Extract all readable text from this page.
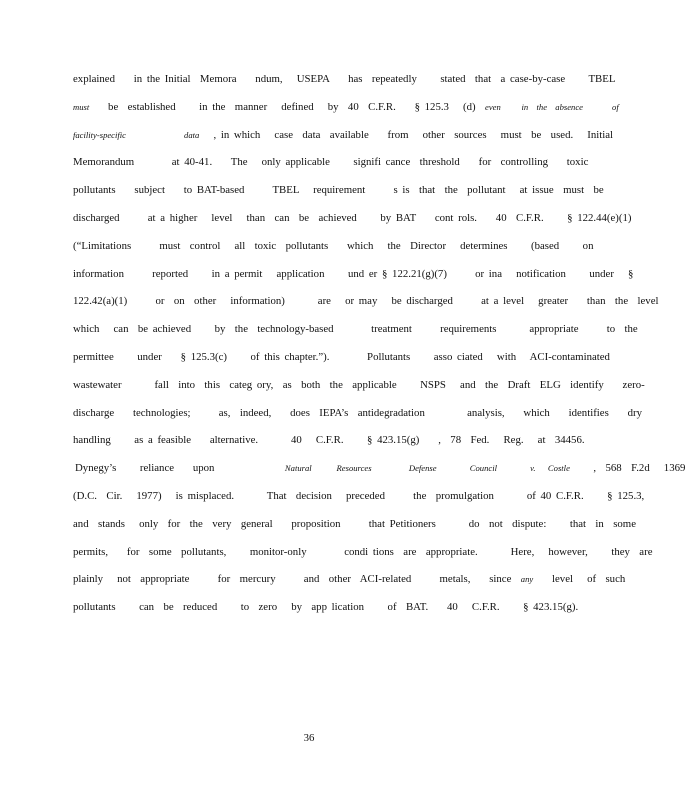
explained    in the Initial  Memora    ndum,   USEPA    has  repeatedly     stated  that  a case-by-case     TBEL
must    be  established     in the  manner   defined   by  40  C.F.R.    § 125.3   (d)  even     in  the  absence       of
facility-specific              data   , in which   case  data  available    from   other  sources   must  be  used.   Initial
Memorandum        at 40-41.    The   only applicable     signifi cance  threshold    for  controlling    toxic
pollutants    subject    to BAT-based      TBEL   requirement      s is  that  the  pollutant   at issue  must  be
discharged      at a higher   level   than  can  be  achieved     by BAT    cont rols.    40  C.F.R.     § 122.44(e)(1)
(“Limitations      must  control   all  toxic  pollutants    which   the  Director   determines     (based     on
information      reported     in a permit   application     und er § 122.21(g)(7)      or ina   notification     under   §
122.42(a)(1)      or  on  other   information)       are   or may   be discharged      at a level   greater    than  the  level
which   can  be achieved     by  the  technology-based        treatment      requirements       appropriate      to  the
permittee     under    § 125.3(c)     of this chapter.”).        Pollutants     asso ciated   with   ACI-contaminated
wastewater       fall  into  this  categ ory,  as  both  the  applicable     NSPS   and  the  Draft  ELG  identify    zero-
discharge    technologies;      as,  indeed,    does  IEPA’s  antidegradation         analysis,    which    identifies    dry
handling     as a feasible    alternative.       40   C.F.R.     § 423.15(g)    ,  78  Fed.   Reg.   at  34456.
Dynegy’s     reliance    upon               Natural      Resources         Defense        Council        v.   Costle     ,  568  F.2d   1369
(D.C.  Cir.   1977)   is misplaced.       That  decision   preceded      the  promulgation       of 40 C.F.R.     § 125.3,
and  stands   only  for  the  very  general    proposition      that Petitioners       do  not  dispute:     that  in  some
permits,    for  some  pollutants,     monitor-only        condi tions  are  appropriate.       Here,   however,     they  are
plainly   not  appropriate      for  mercury      and  other  ACI-related      metals,    since  any    level   of  such
pollutants     can  be  reduced     to  zero   by  app lication     of  BAT.    40   C.F.R.     § 423.15(g).
36
